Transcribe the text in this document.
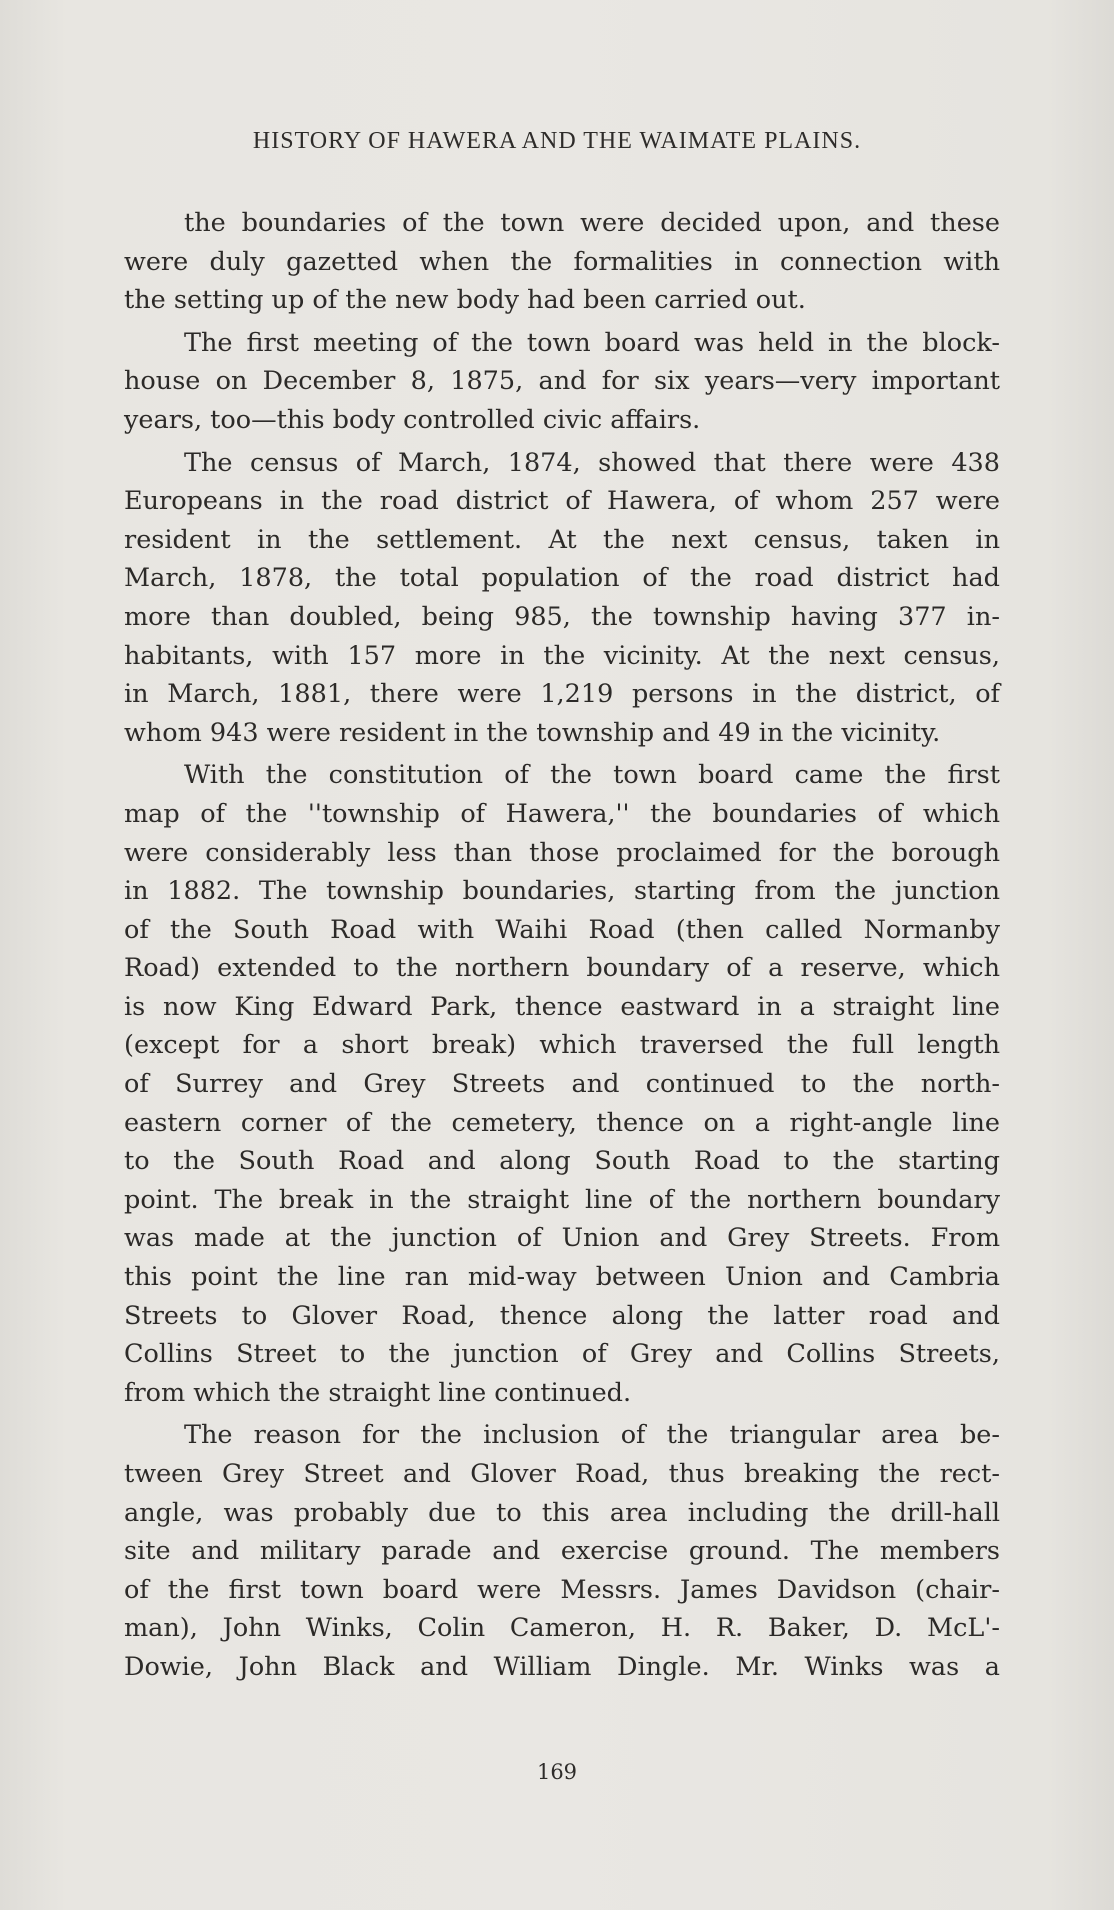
HISTORY OF HAWERA AND THE WAIMATE PLAINS.
the boundaries of the town were decided upon, and these
were duly gazetted when the formalities in connection with
the setting up of the new body had been carried out.
The first meeting of the town board was held in the block-
house on December 8, 1875, and for six years—very important
years, too—this body controlled civic affairs.
The census of March, 1874, showed that there were 438
Europeans in the road district of Hawera, of whom 257 were
resident in the settlement. At the next census, taken in
March, 1878, the total population of the road district had
more than doubled, being 985, the township having 377 in-
habitants, with 157 more in the vicinity. At the next census,
in March, 1881, there were 1,219 persons in the district, of
whom 943 were resident in the township and 49 in the vicinity.
With the constitution of the town board came the first
map of the ''township of Hawera,'' the boundaries of which
were considerably less than those proclaimed for the borough
in 1882. The township boundaries, starting from the junction
of the South Road with Waihi Road (then called Normanby
Road) extended to the northern boundary of a reserve, which
is now King Edward Park, thence eastward in a straight line
(except for a short break) which traversed the full length
of Surrey and Grey Streets and continued to the north-
eastern corner of the cemetery, thence on a right-angle line
to the South Road and along South Road to the starting
point. The break in the straight line of the northern boundary
was made at the junction of Union and Grey Streets. From
this point the line ran mid-way between Union and Cambria
Streets to Glover Road, thence along the latter road and
Collins Street to the junction of Grey and Collins Streets,
from which the straight line continued.
The reason for the inclusion of the triangular area be-
tween Grey Street and Glover Road, thus breaking the rect-
angle, was probably due to this area including the drill-hall
site and military parade and exercise ground. The members
of the first town board were Messrs. James Davidson (chair-
man), John Winks, Colin Cameron, H. R. Baker, D. McL'-
Dowie, John Black and William Dingle. Mr. Winks was a
169
